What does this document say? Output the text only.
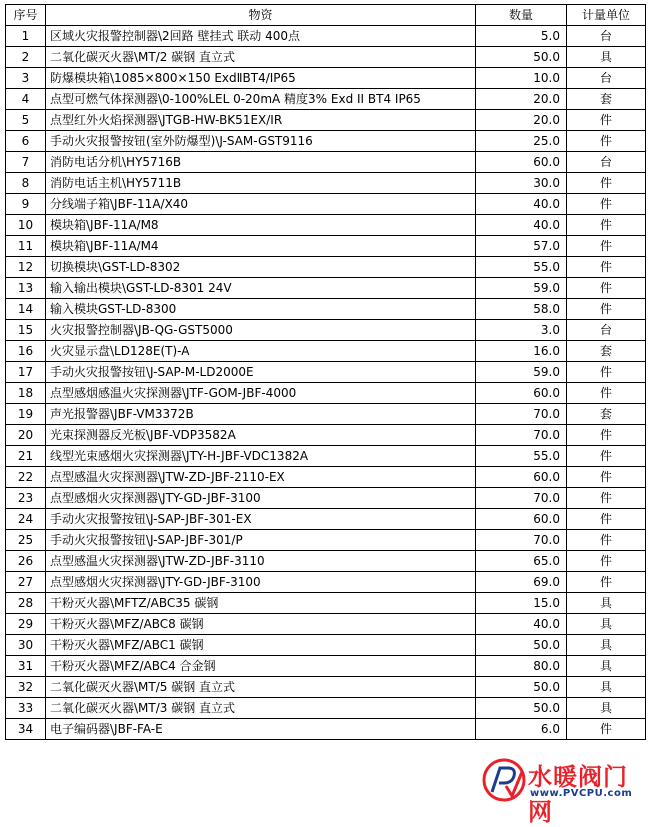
序号	物资	数量	计量单位
1	区域火灾报警控制器\2回路 壁挂式 联动 400点	5.0	台
2	二氧化碳灭火器\MT/2 碳钢 直立式	50.0	具
3	防爆模块箱\1085×800×150 ExdⅡBT4/IP65	10.0	台
4	点型可燃气体探测器\0-100%LEL 0-20mA 精度3% Exd II BT4 IP65	20.0	套
5	点型红外火焰探测器\JTGB-HW-BK51EX/IR	20.0	件
6	手动火灾报警按钮(室外防爆型)\J-SAM-GST9116	25.0	件
7	消防电话分机\HY5716B	60.0	台
8	消防电话主机\HY5711B	30.0	件
9	分线端子箱\JBF-11A/X40	40.0	件
10	模块箱\JBF-11A/M8	40.0	件
11	模块箱\JBF-11A/M4	57.0	件
12	切换模块\GST-LD-8302	55.0	件
13	输入输出模块\GST-LD-8301 24V	59.0	件
14	输入模块GST-LD-8300	58.0	件
15	火灾报警控制器\JB-QG-GST5000	3.0	台
16	火灾显示盘\LD128E(T)-A	16.0	套
17	手动火灾报警按钮\J-SAP-M-LD2000E	59.0	件
18	点型感烟感温火灾探测器\JTF-GOM-JBF-4000	60.0	件
19	声光报警器\JBF-VM3372B	70.0	套
20	光束探测器反光板\JBF-VDP3582A	70.0	件
21	线型光束感烟火灾探测器\JTY-H-JBF-VDC1382A	55.0	件
22	点型感温火灾探测器\JTW-ZD-JBF-2110-EX	60.0	件
23	点型感烟火灾探测器\JTY-GD-JBF-3100	70.0	件
24	手动火灾报警按钮\J-SAP-JBF-301-EX	60.0	件
25	手动火灾报警按钮\J-SAP-JBF-301/P	70.0	件
26	点型感温火灾探测器\JTW-ZD-JBF-3110	65.0	件
27	点型感烟火灾探测器\JTY-GD-JBF-3100	69.0	件
28	干粉灭火器\MFTZ/ABC35 碳钢	15.0	具
29	干粉灭火器\MFZ/ABC8 碳钢	40.0	具
30	干粉灭火器\MFZ/ABC1 碳钢	50.0	具
31	干粉灭火器\MFZ/ABC4 合金钢	80.0	具
32	二氧化碳灭火器\MT/5 碳钢 直立式	50.0	具
33	二氧化碳灭火器\MT/3 碳钢 直立式	50.0	具
34	电子编码器\JBF-FA-E	6.0	件
水暖阀门网
www.PVCPU.com
